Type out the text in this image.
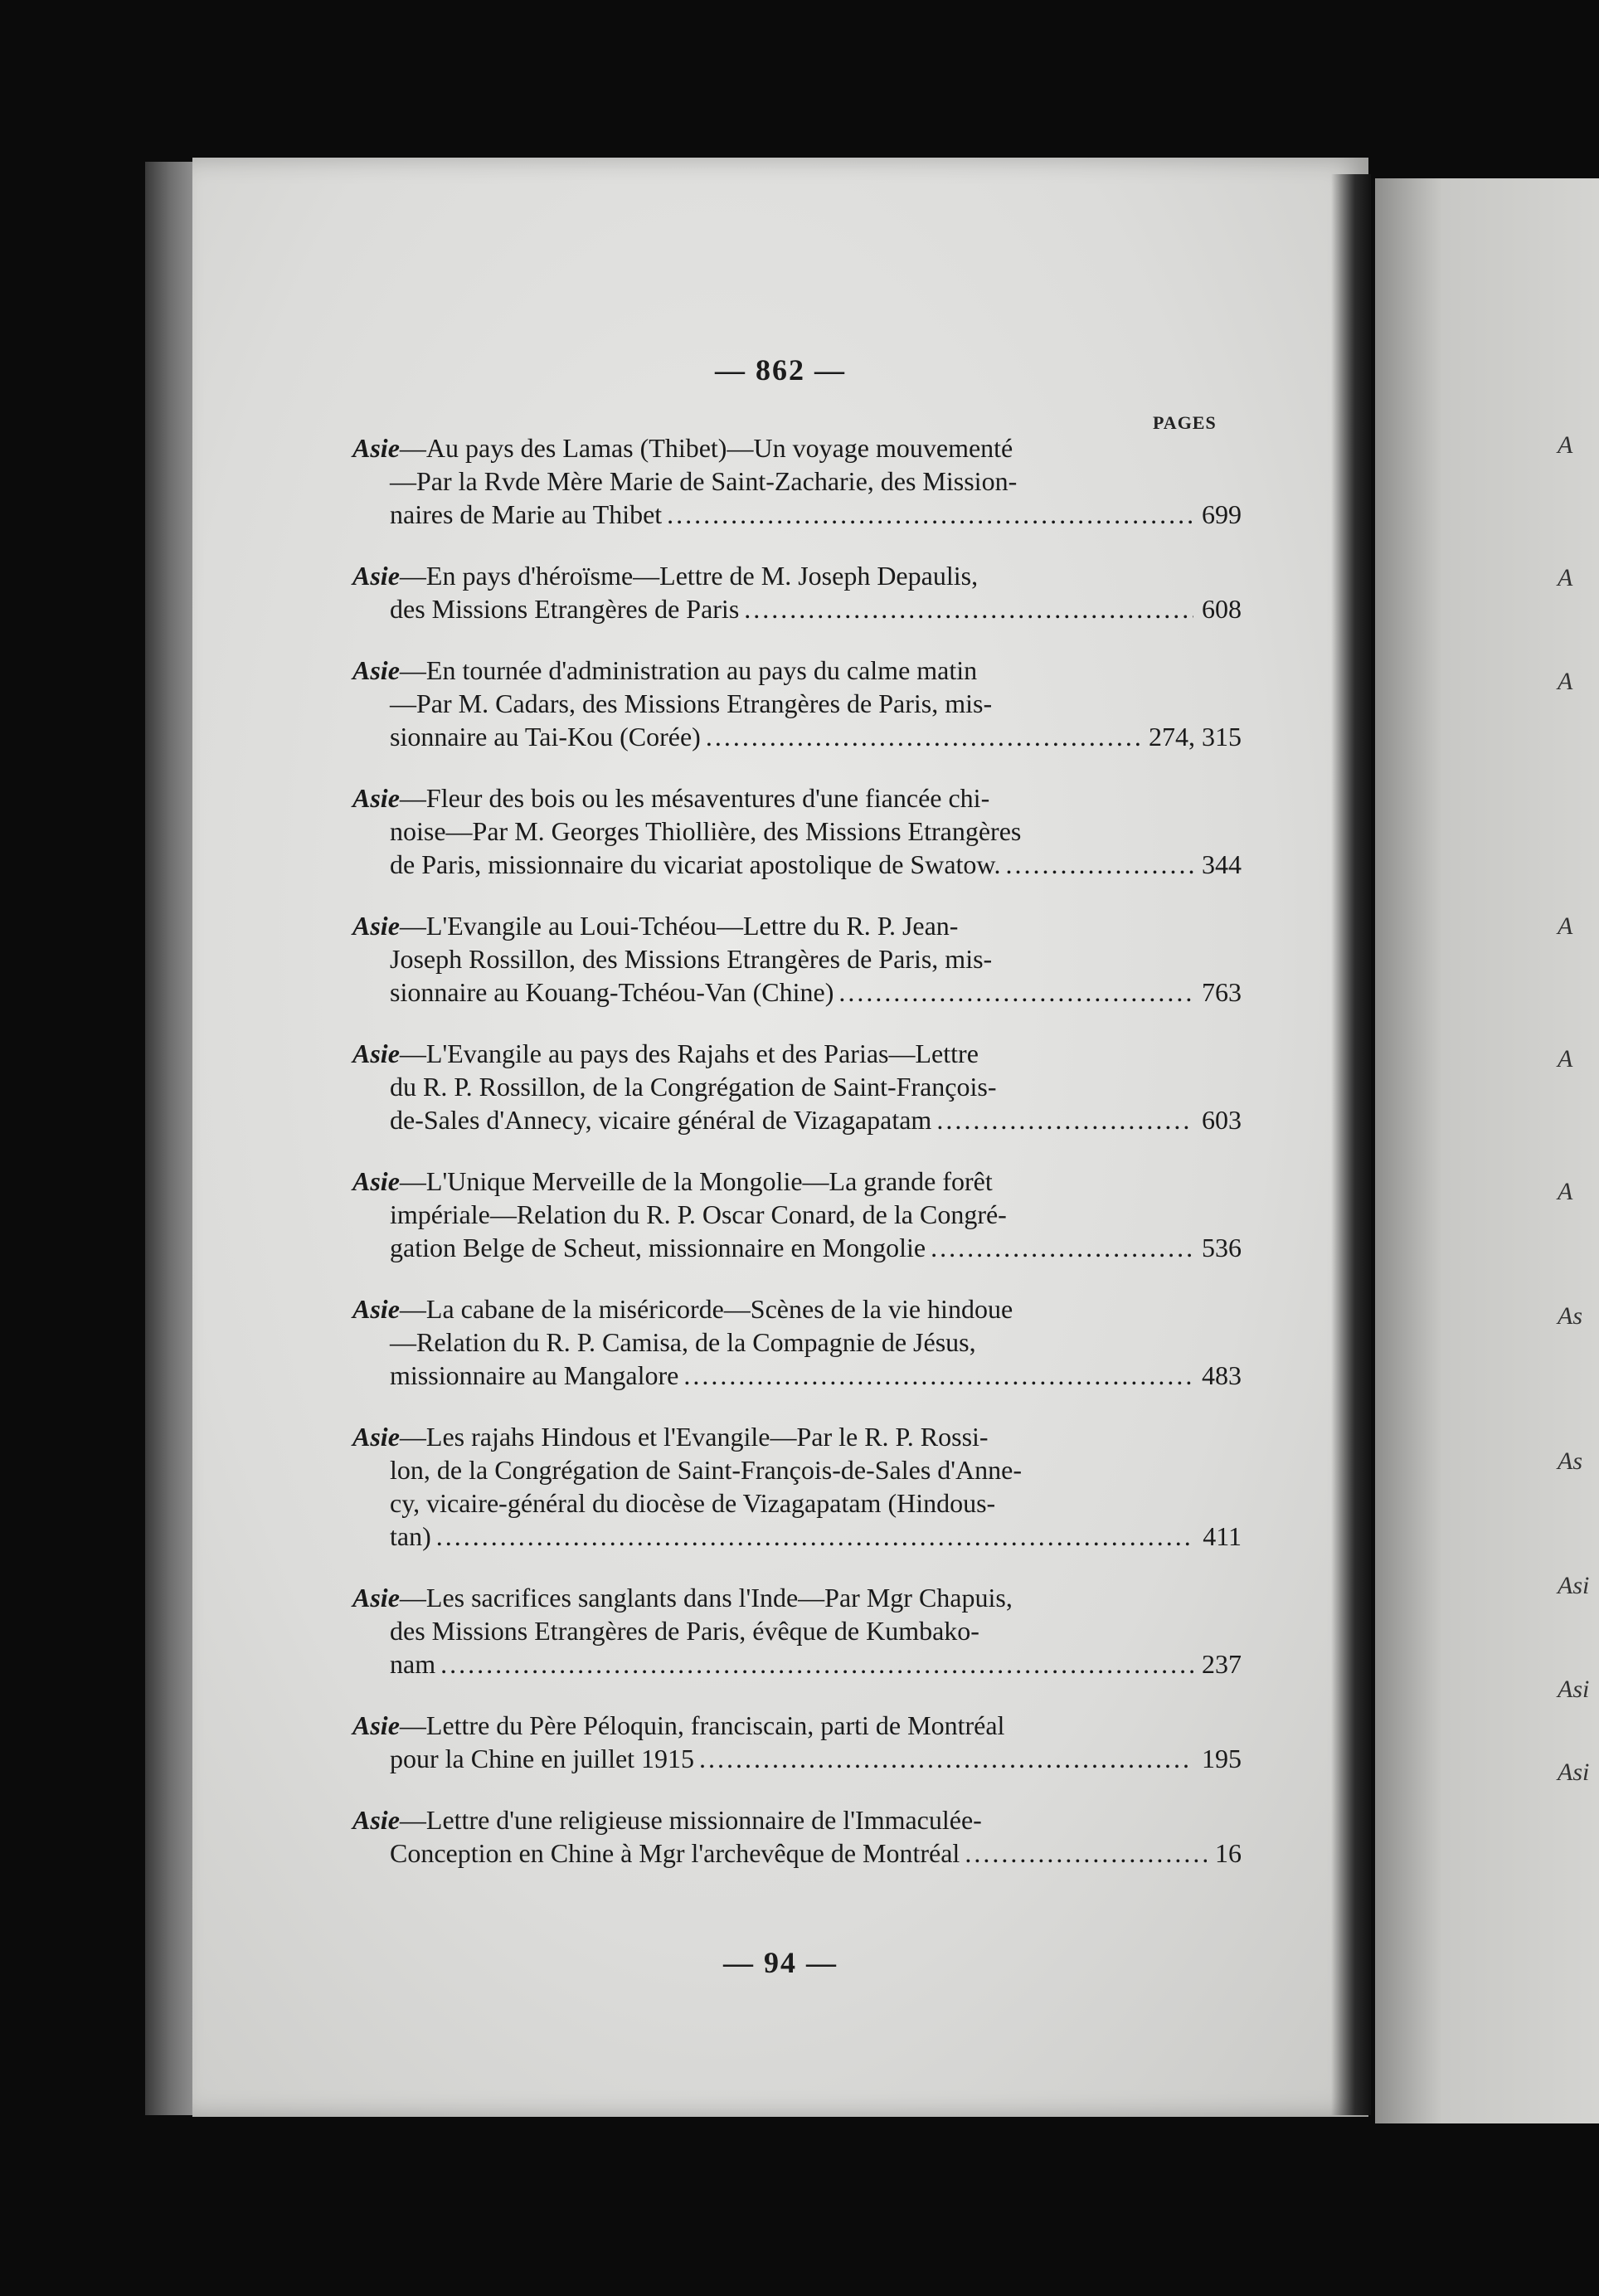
— 862 —
— 94 —
A
A
A
A
A
A
As
As
Asi
Asi
Asi
PAGES

Asie—Au pays des Lamas (Thibet)—Un voyage mouvementé

—Par la Rvde Mère Marie de Saint-Zacharie, des Mission-

naires de Marie au Thibet .....	699

Asie—En pays d'héroïsme—Lettre de M. Joseph Depaulis,

des Missions Etrangères de Paris .....	608

Asie—En tournée d'administration au pays du calme matin

—Par M. Cadars, des Missions Etrangères de Paris, mis-

sionnaire au Tai-Kou (Corée) .....	274, 315

Asie—Fleur des bois ou les mésaventures d'une fiancée chi-

noise—Par M. Georges Thiollière, des Missions Etrangères

de Paris, missionnaire du vicariat apostolique de Swatow. .....	344

Asie—L'Evangile au Loui-Tchéou—Lettre du R. P. Jean-

Joseph Rossillon, des Missions Etrangères de Paris, mis-

sionnaire au Kouang-Tchéou-Van (Chine) .....	763

Asie—L'Evangile au pays des Rajahs et des Parias—Lettre

du R. P. Rossillon, de la Congrégation de Saint-François-

de-Sales d'Annecy, vicaire général de Vizagapatam .....	603

Asie—L'Unique Merveille de la Mongolie—La grande forêt

impériale—Relation du R. P. Oscar Conard, de la Congré-

gation Belge de Scheut, missionnaire en Mongolie .....	536

Asie—La cabane de la miséricorde—Scènes de la vie hindoue

—Relation du R. P. Camisa, de la Compagnie de Jésus,

missionnaire au Mangalore .....	483

Asie—Les rajahs Hindous et l'Evangile—Par le R. P. Rossi-

lon, de la Congrégation de Saint-François-de-Sales d'Anne-

cy, vicaire-général du diocèse de Vizagapatam (Hindous-

tan) .....	411

Asie—Les sacrifices sanglants dans l'Inde—Par Mgr Chapuis,

des Missions Etrangères de Paris, évêque de Kumbako-

nam .....	237

Asie—Lettre du Père Péloquin, franciscain, parti de Montréal

pour la Chine en juillet 1915 .....	195

Asie—Lettre d'une religieuse missionnaire de l'Immaculée-

Conception en Chine à Mgr l'archevêque de Montréal .....	16
